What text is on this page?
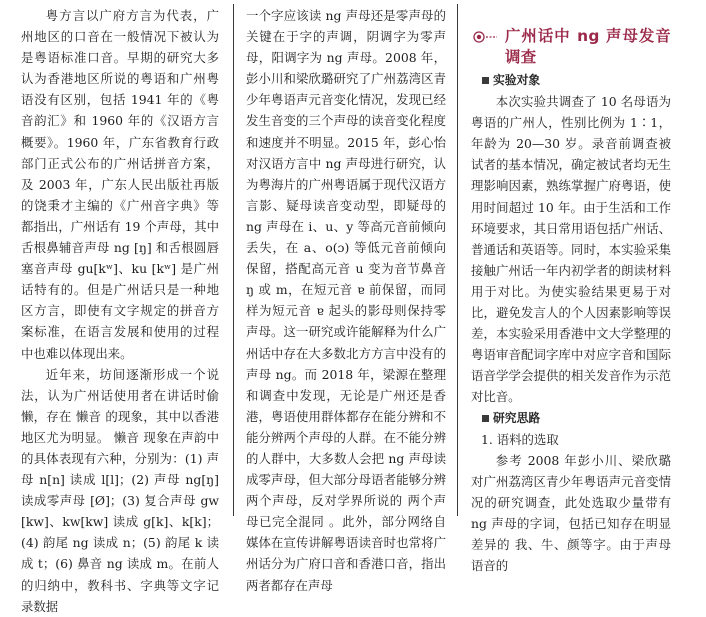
粤方言以广府方言为代表，广州地区的口音在一般情况下被认为是粤语标准口音。早期的研究大多认为香港地区所说的粤语和广州粤语没有区别，包括 1941 年的《粤音韵汇》和 1960 年的《汉语方言概要》。1960 年，广东省教育行政部门正式公布的广州话拼音方案，及 2003 年，广东人民出版社再版的饶秉才主编的《广州音字典》等都指出，广州话有 19 个声母，其中舌根鼻辅音声母 ng [ŋ] 和舌根圆唇塞音声母 gu[kʷ]、ku [kʷ] 是广州话特有的。但是广州话只是一种地区方言，即使有文字规定的拼音方案标准，在语言发展和使用的过程中也难以体现出来。

近年来，坊间逐渐形成一个说法，认为广州话使用者在讲话时偷懒，存在 懒音 的现象，其中以香港地区尤为明显。 懒音 现象在声韵中的具体表现有六种，分别为：(1) 声母 n[n] 读成 l[l]；(2) 声母 ng[ŋ] 读成零声母 [Ø]；(3) 复合声母 gw [kw]、kw[kw] 读成 g[k]、k[k]；(4) 韵尾 ng 读成 n；(5) 韵尾 k 读成 t；(6) 鼻音 ng 读成 m。在前人的归纳中，教科书、字典等文字记录数据

一个字应该读 ng 声母还是零声母的关键在于字的声调，阴调字为零声母，阳调字为 ng 声母。2008 年，彭小川和梁欣璐研究了广州荔湾区青少年粤语声元音变化情况，发现已经发生音变的三个声母的读音变化程度和速度并不明显。2015 年，彭心怡对汉语方言中 ng 声母进行研究，认为粤海片的广州粤语属于现代汉语方言影、疑母读音变动型，即疑母的 ng 声母在 i、u、y 等高元音前倾向丢失，在 a、o(ɔ) 等低元音前倾向保留，搭配高元音 u 变为音节鼻音 ŋ 或 m，在短元音 ɐ 前保留，而同样为短元音 ɐ 起头的影母则保持零声母。这一研究或许能解释为什么广州话中存在大多数北方方言中没有的声母 ng。而 2018 年，梁源在整理和调查中发现，无论是广州还是香港，粤语使用群体都存在能分辨和不能分辨两个声母的人群。在不能分辨的人群中，大多数人会把 ng 声母读成零声母，但大部分母语者能够分辨两个声母，反对学界所说的 两个声母已完全混同 。此外，部分网络自媒体在宣传讲解粤语读音时也常将广州话分为广府口音和香港口音，指出两者都存在声母

广州话中 ng 声母发音调查
实验对象

本次实验共调查了 10 名母语为粤语的广州人，性别比例为 1∶1，年龄为 20—30 岁。录音前调查被试者的基本情况，确定被试者均无生理影响因素，熟练掌握广府粤语，使用时间超过 10 年。由于生活和工作环境要求，其日常用语包括广州话、普通话和英语等。同时，本实验采集接触广州话一年内初学者的朗读材料用于对比。为使实验结果更易于对比，避免发言人的个人因素影响等误差，本实验采用香港中文大学整理的粤语审音配词字库中对应字音和国际语音学学会提供的相关发音作为示范对比音。

研究思路
1. 语料的选取

参考 2008 年彭小川、梁欣璐对广州荔湾区青少年粤语声元音变情况的研究调查，此处选取少量带有 ng 声母的字词，包括已知存在明显差异的 我、牛、颜等字。由于声母语音的
